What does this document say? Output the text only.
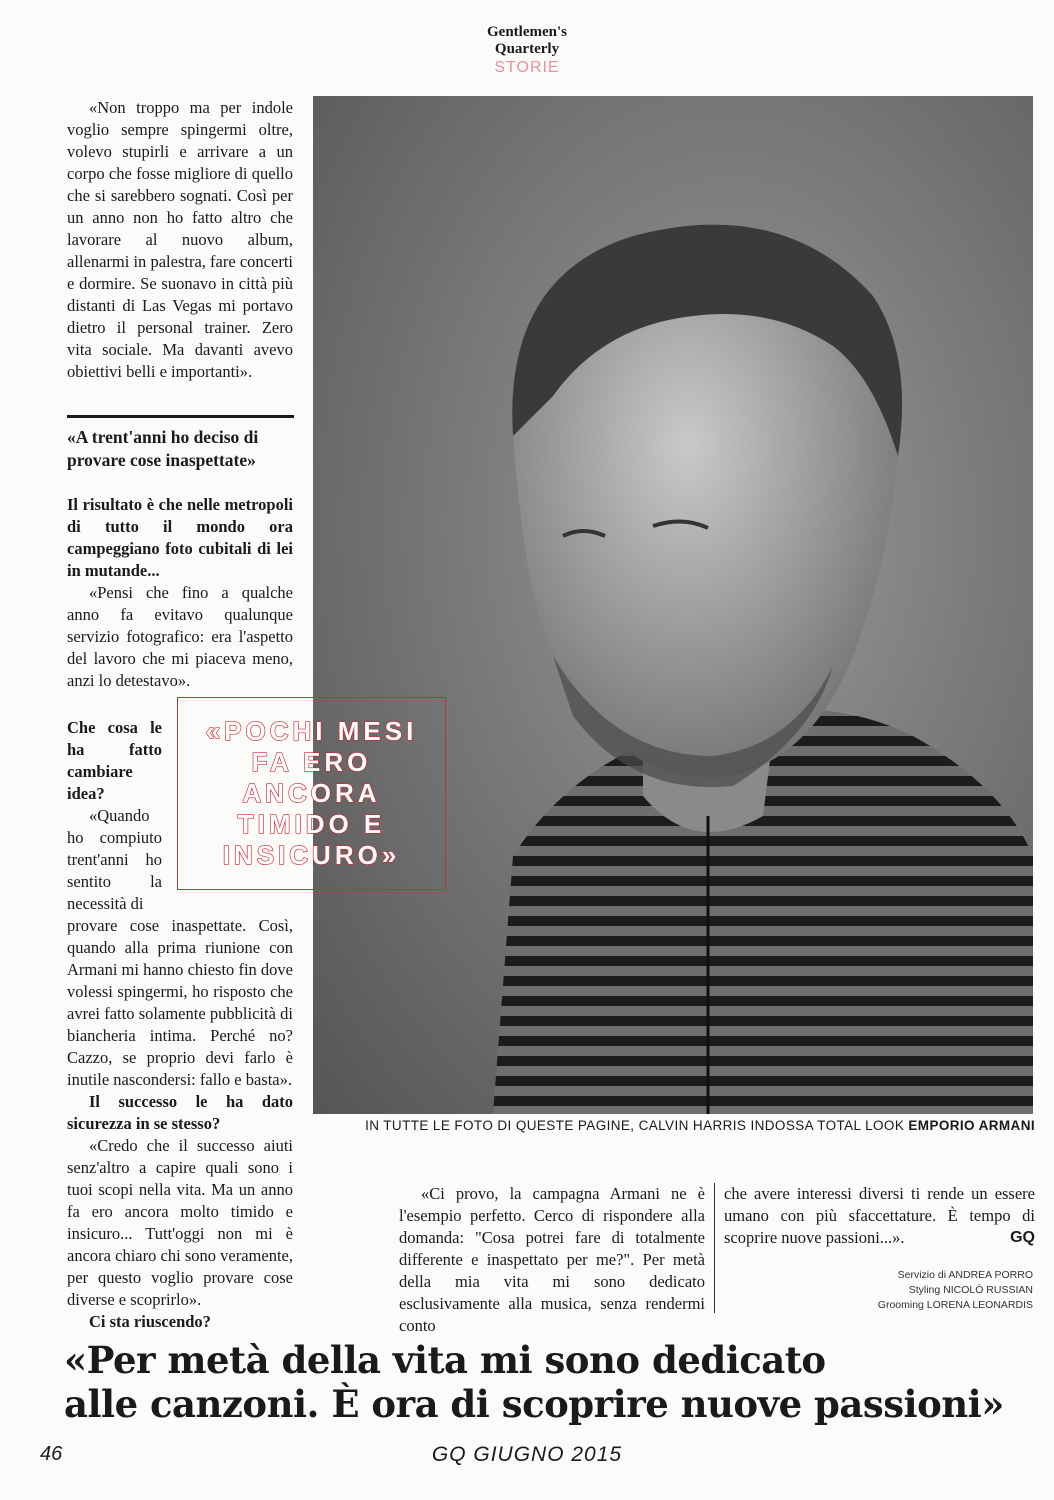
Gentlemen's
Quarterly
STORIE

«Non troppo ma per indole voglio sempre spingermi oltre, volevo stupirli e arrivare a un corpo che fosse migliore di quello che si sarebbero sognati. Così per un anno non ho fatto altro che lavorare al nuovo album, allenarmi in palestra, fare concerti e dormire. Se suonavo in città più distanti di Las Vegas mi portavo dietro il personal trainer. Zero vita sociale. Ma davanti avevo obiettivi belli e importanti».

«A trent'anni ho deciso di provare cose inaspettate»

Il risultato è che nelle metropoli di tutto il mondo ora campeggiano foto cubitali di lei in mutande...

«Pensi che fino a qualche anno fa evitavo qualunque servizio fotografico: era l'aspetto del lavoro che mi piaceva meno, anzi lo detestavo».

Che cosa le ha fatto cambiare idea?

«Quando ho compiuto trent'anni ho sentito la necessità di

provare cose inaspettate. Così, quando alla prima riunione con Armani mi hanno chiesto fin dove volessi spingermi, ho risposto che avrei fatto solamente pubblicità di biancheria intima. Perché no? Cazzo, se proprio devi farlo è inutile nascondersi: fallo e basta».

Il successo le ha dato sicurezza in se stesso?

«Credo che il successo aiuti senz'altro a capire quali sono i tuoi scopi nella vita. Ma un anno fa ero ancora molto timido e insicuro... Tutt'oggi non mi è ancora chiaro chi sono veramente, per questo voglio provare cose diverse e scoprirlo».

Ci sta riuscendo?

«POCHI MESI
FA ERO
ANCORA
TIMIDO E
INSICURO»
IN TUTTE LE FOTO DI QUESTE PAGINE, CALVIN HARRIS INDOSSA TOTAL LOOK EMPORIO ARMANI

«Ci provo, la campagna Armani ne è l'esempio perfetto. Cerco di rispondere alla domanda: "Cosa potrei fare di totalmente differente e inaspettato per me?". Per metà della mia vita mi sono dedicato esclusivamente alla musica, senza rendermi conto

che avere interessi diversi ti rende un essere umano con più sfaccettature. È tempo di scoprire nuove passioni...».	GQ

Servizio di ANDREA PORRO
Styling NICOLÒ RUSSIAN
Grooming LORENA LEONARDIS
«Per metà della vita mi sono dedicato
alle canzoni. È ora di scoprire nuove passioni»
46	GQ GIUGNO 2015
